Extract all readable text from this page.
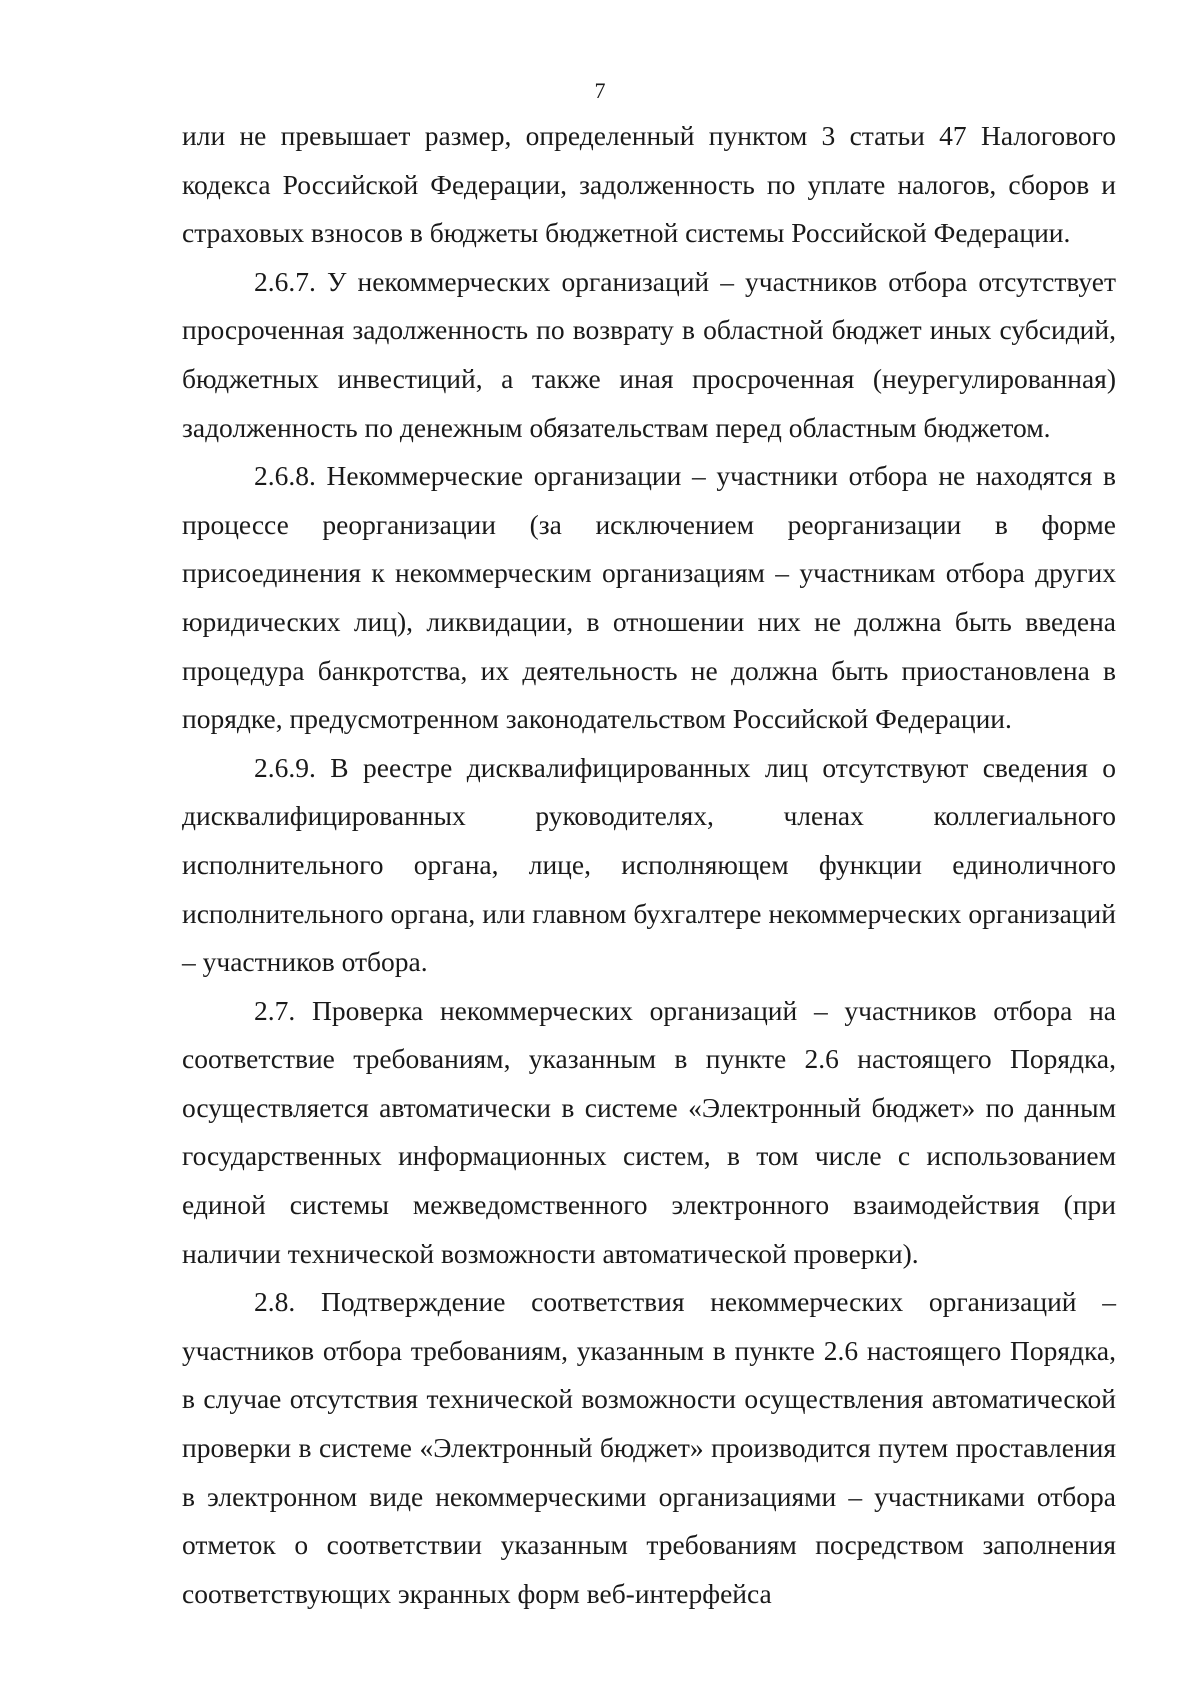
7

или не превышает размер, определенный пунктом 3 статьи 47 Налогового кодекса Российской Федерации, задолженность по уплате налогов, сборов и страховых взносов в бюджеты бюджетной системы Российской Федерации.

2.6.7. У некоммерческих организаций – участников отбора отсутствует просроченная задолженность по возврату в областной бюджет иных субсидий, бюджетных инвестиций, а также иная просроченная (неурегулированная) задолженность по денежным обязательствам перед областным бюджетом.

2.6.8. Некоммерческие организации – участники отбора не находятся в процессе реорганизации (за исключением реорганизации в форме присоединения к некоммерческим организациям – участникам отбора других юридических лиц), ликвидации, в отношении них не должна быть введена процедура банкротства, их деятельность не должна быть приостановлена в порядке, предусмотренном законодательством Российской Федерации.

2.6.9. В реестре дисквалифицированных лиц отсутствуют сведения о дисквалифицированных руководителях, членах коллегиального исполнительного органа, лице, исполняющем функции единоличного исполнительного органа, или главном бухгалтере некоммерческих организаций – участников отбора.

2.7. Проверка некоммерческих организаций – участников отбора на соответствие требованиям, указанным в пункте 2.6 настоящего Порядка, осуществляется автоматически в системе «Электронный бюджет» по данным государственных информационных систем, в том числе с использованием единой системы межведомственного электронного взаимодействия (при наличии технической возможности автоматической проверки).

2.8. Подтверждение соответствия некоммерческих организаций – участников отбора требованиям, указанным в пункте 2.6 настоящего Порядка, в случае отсутствия технической возможности осуществления автоматической проверки в системе «Электронный бюджет» производится путем проставления в электронном виде некоммерческими организациями – участниками отбора отметок о соответствии указанным требованиям посредством заполнения соответствующих экранных форм веб-интерфейса
